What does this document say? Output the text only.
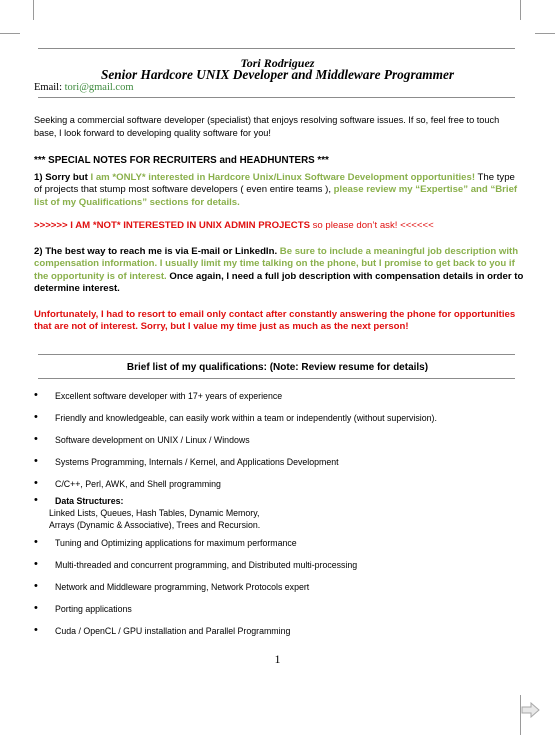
Tori Rodriguez
Senior Hardcore UNIX Developer and Middleware Programmer
Email: tori@gmail.com
Seeking a commercial software developer (specialist) that enjoys resolving software issues. If so, feel free to touch base, I look forward to developing quality software for you!
*** SPECIAL NOTES FOR RECRUITERS and HEADHUNTERS ***
1) Sorry but I am *ONLY* interested in Hardcore Unix/Linux Software Development opportunities! The type of projects that stump most software developers ( even entire teams ), please review my “Expertise” and “Brief list of my Qualifications” sections for details.
>>>>>> I AM *NOT* INTERESTED IN UNIX ADMIN PROJECTS so please don’t ask! <<<<<<
2) The best way to reach me is via E-mail or LinkedIn. Be sure to include a meaningful job description with compensation information. I usually limit my time talking on the phone, but I promise to get back to you if the opportunity is of interest. Once again, I need a full job description with compensation details in order to determine interest.
Unfortunately, I had to resort to email only contact after constantly answering the phone for opportunities that are not of interest. Sorry, but I value my time just as much as the next person!
Brief list of my qualifications: (Note: Review resume for details)
• Excellent software developer with 17+ years of experience
• Friendly and knowledgeable, can easily work within a team or independently (without supervision).
• Software development on UNIX / Linux / Windows
• Systems Programming, Internals / Kernel, and Applications Development
• C/C++, Perl, AWK, and Shell programming
• Data Structures:
Linked Lists, Queues, Hash Tables, Dynamic Memory,
Arrays (Dynamic & Associative), Trees and Recursion.
• Tuning and Optimizing applications for maximum performance
• Multi-threaded and concurrent programming, and Distributed multi-processing
• Network and Middleware programming, Network Protocols expert
• Porting applications
• Cuda / OpenCL / GPU installation and Parallel Programming
1
